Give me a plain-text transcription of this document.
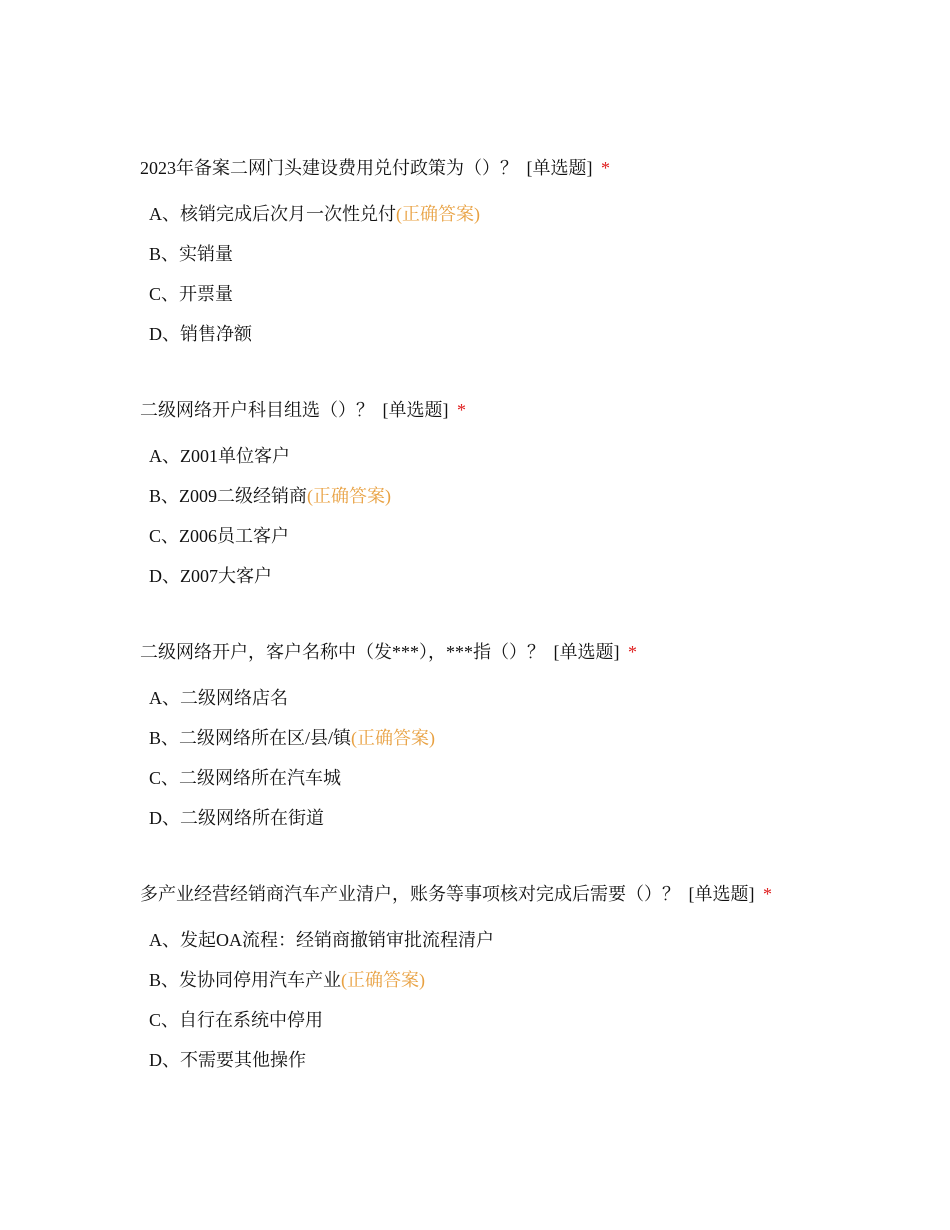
2023年备案二网门头建设费用兑付政策为（）？ [单选题] *
A、核销完成后次月一次性兑付(正确答案)
B、实销量
C、开票量
D、销售净额
二级网络开户科目组选（）？ [单选题] *
A、Z001单位客户
B、Z009二级经销商(正确答案)
C、Z006员工客户
D、Z007大客户
二级网络开户，客户名称中（发***），***指（）？ [单选题] *
A、二级网络店名
B、二级网络所在区/县/镇(正确答案)
C、二级网络所在汽车城
D、二级网络所在街道
多产业经营经销商汽车产业清户，账务等事项核对完成后需要（）？ [单选题] *
A、发起OA流程：经销商撤销审批流程清户
B、发协同停用汽车产业(正确答案)
C、自行在系统中停用
D、不需要其他操作
